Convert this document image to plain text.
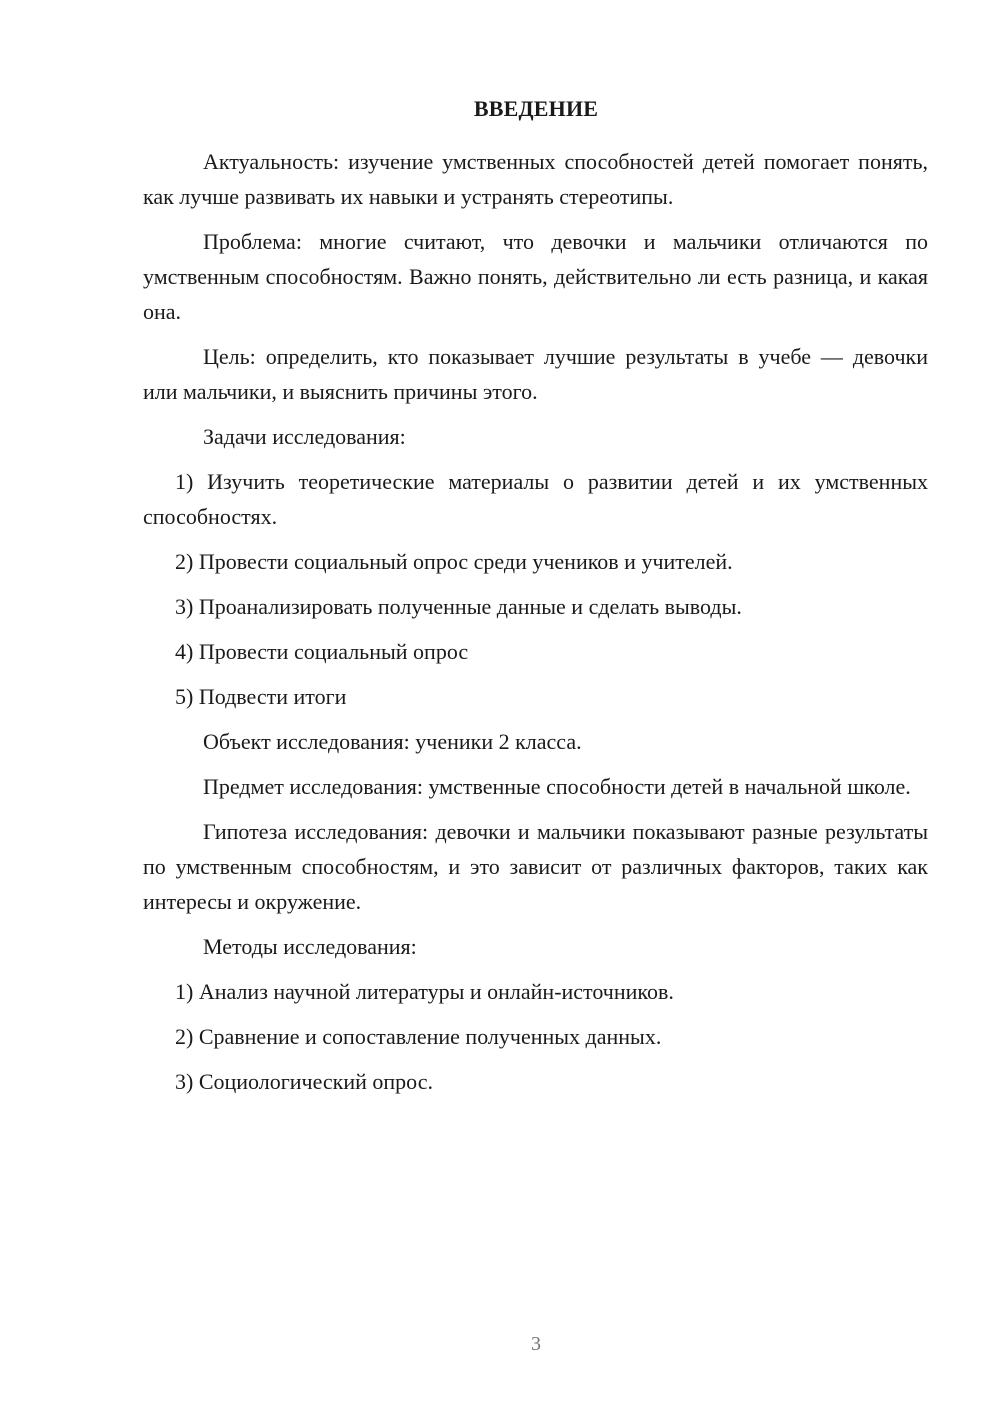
ВВЕДЕНИЕ

Актуальность: изучение умственных способностей детей помогает понять, как лучше развивать их навыки и устранять стереотипы.

Проблема: многие считают, что девочки и мальчики отличаются по умственным способностям. Важно понять, действительно ли есть разница, и какая она.

Цель: определить, кто показывает лучшие результаты в учебе — девочки или мальчики, и выяснить причины этого.

Задачи исследования:

1) Изучить теоретические материалы о развитии детей и их умственных способностях.

2) Провести социальный опрос среди учеников и учителей.

3) Проанализировать полученные данные и сделать выводы.

4) Провести социальный опрос

5) Подвести итоги

Объект исследования: ученики 2 класса.

Предмет исследования: умственные способности детей в начальной школе.

Гипотеза исследования: девочки и мальчики показывают разные результаты по умственным способностям, и это зависит от различных факторов, таких как интересы и окружение.

Методы исследования:

1) Анализ научной литературы и онлайн-источников.

2) Сравнение и сопоставление полученных данных.

3) Социологический опрос.

3
